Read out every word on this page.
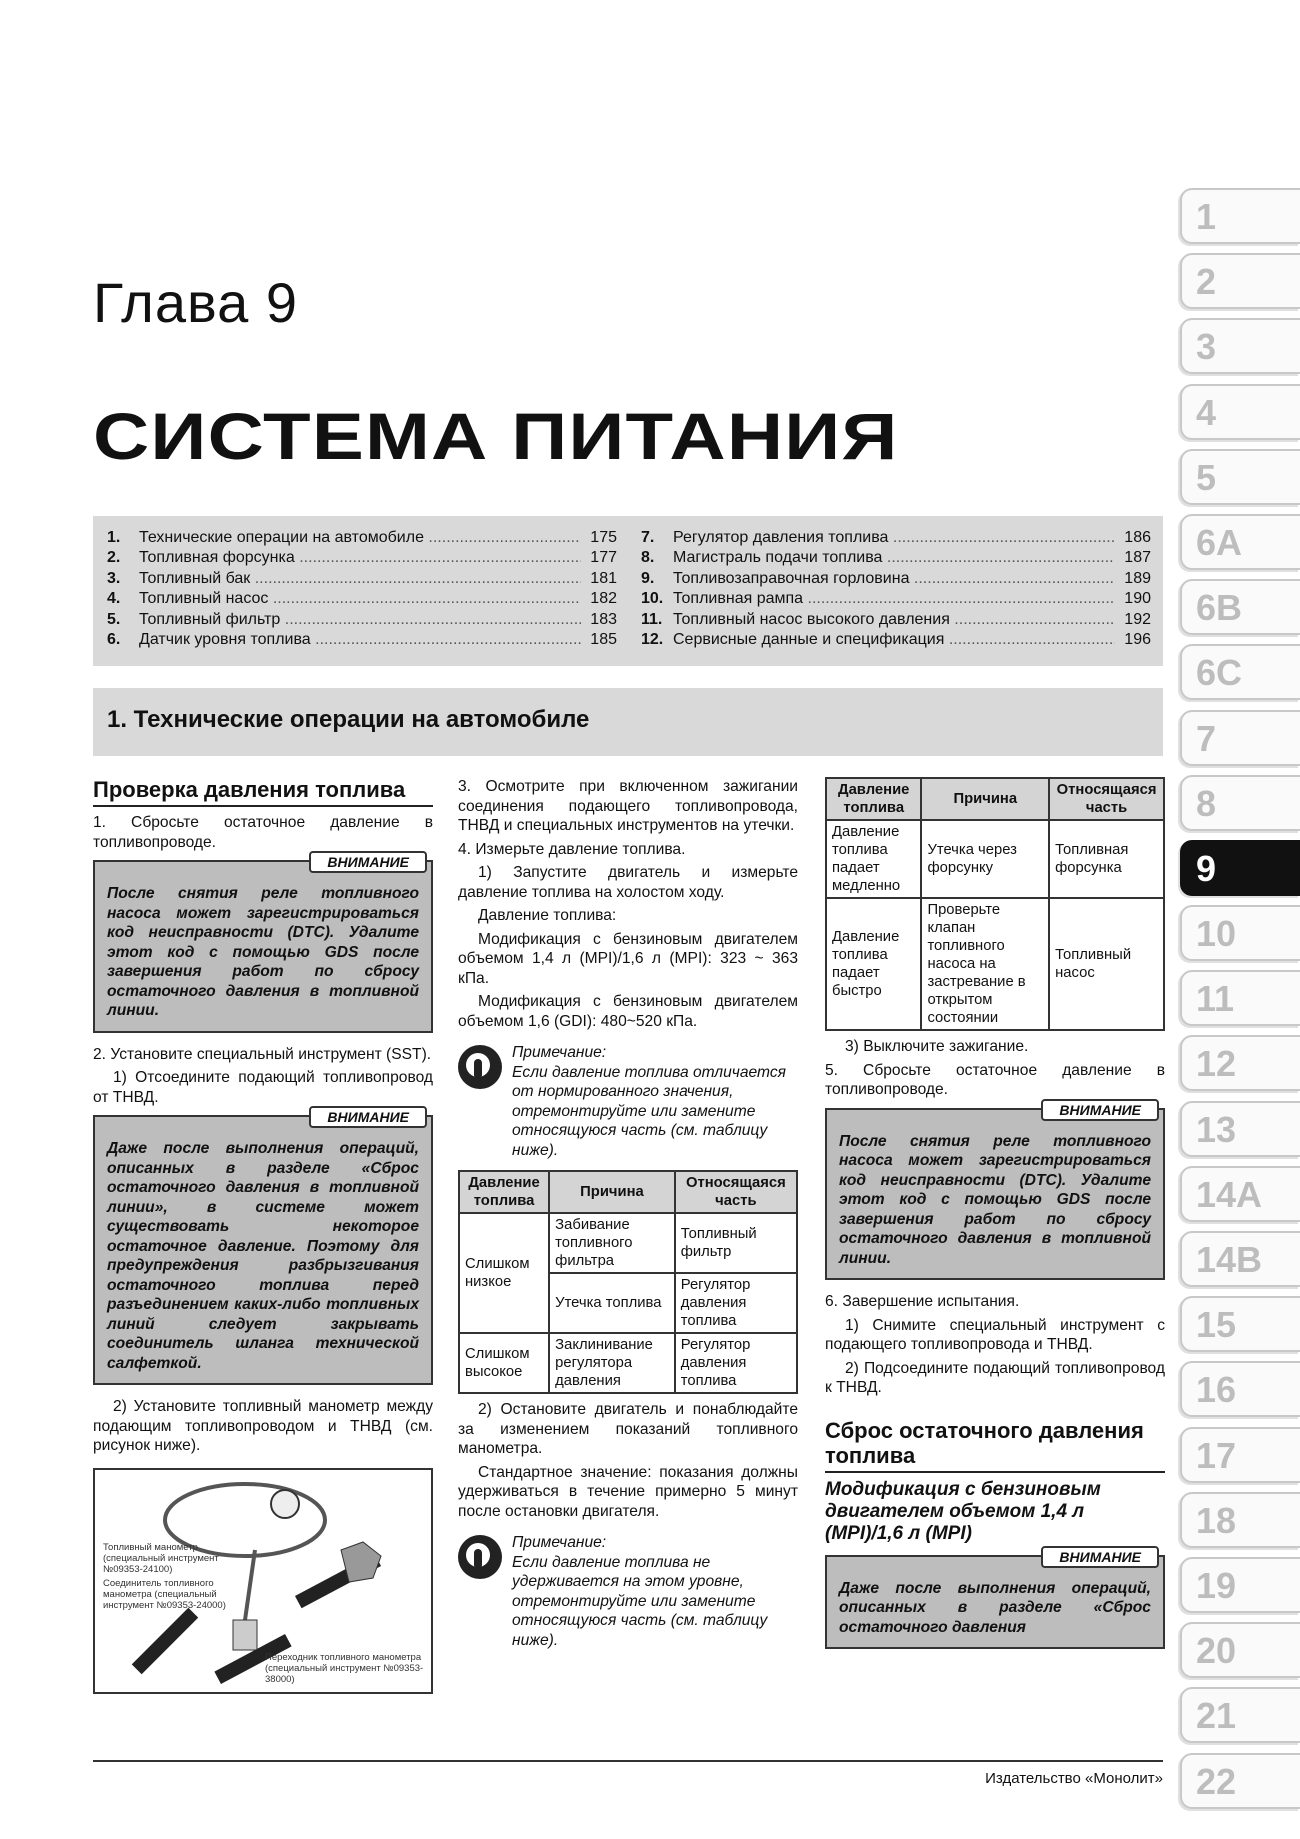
Глава 9
СИСТЕМА ПИТАНИЯ
1.	Технические операции на автомобиле .....	175
2.	Топливная форсунка .....	177
3.	Топливный бак .....	181
4.	Топливный насос .....	182
5.	Топливный фильтр .....	183
6.	Датчик уровня топлива .....	185
7.	Регулятор давления топлива .....	186
8.	Магистраль подачи топлива .....	187
9.	Топливозаправочная горловина .....	189
10. Топливная рампа .....	190
11. Топливный насос высокого давления .....	192
12. Сервисные данные и спецификация .....	196
1. Технические операции на автомобиле
Проверка давления топлива

1. Сбросьте остаточное давление в топливопроводе.

ВНИМАНИЕ
После снятия реле топливного насоса может зарегистрироваться код неисправности (DTC). Удалите этот код с помощью GDS после завершения работ по сбросу остаточного давления в топливной линии.

2. Установите специальный инструмент (SST).

1) Отсоедините подающий топливопровод от ТНВД.

ВНИМАНИЕ
Даже после выполнения операций, описанных в разделе «Сброс остаточного давления в топливной линии», в системе может существовать некоторое остаточное давление. Поэтому для предупреждения разбрызгивания остаточного топлива перед разъединением каких-либо топливных линий следует закрывать соединитель шланга технической салфеткой.

2) Установите топливный манометр между подающим топливопроводом и ТНВД (см. рисунок ниже).

Топливный манометр (специальный инструмент №09353-24100)
Соединитель топливного манометра (специальный инструмент №09353-24000)
Переходник топливного манометра (специальный инструмент №09353-38000)

3. Осмотрите при включенном зажигании соединения подающего топливопровода, ТНВД и специальных инструментов на утечки.

4. Измерьте давление топлива.

1) Запустите двигатель и измерьте давление топлива на холостом ходу.

Давление топлива:

Модификация с бензиновым двигателем объемом 1,4 л (MPI)/1,6 л (MPI): 323 ~ 363 кПа.

Модификация с бензиновым двигателем объемом 1,6 (GDI): 480~520 кПа.

Примечание:
Если давление топлива отличается от нормированного значения, отремонтируйте или замените относящуюся часть (см. таблицу ниже).
Давление топлива	Причина	Относящаяся часть
Слишком низкое	Забивание топливного фильтра	Топливный фильтр
	Утечка топлива	Регулятор давления топлива
Слишком высокое	Заклинивание регулятора давления	Регулятор давления топлива

2) Остановите двигатель и понаблюдайте за изменением показаний топливного манометра.

Стандартное значение: показания должны удерживаться в течение примерно 5 минут после остановки двигателя.

Примечание:
Если давление топлива не удерживается на этом уровне, отремонтируйте или замените относящуюся часть (см. таблицу ниже).
Давление топлива	Причина	Относящаяся часть
Давление топлива падает медленно	Утечка через форсунку	Топливная форсунка
Давление топлива падает быстро	Проверьте клапан топливного насоса на застревание в открытом состоянии	Топливный насос

3) Выключите зажигание.

5. Сбросьте остаточное давление в топливопроводе.

ВНИМАНИЕ
После снятия реле топливного насоса может зарегистрироваться код неисправности (DTC). Удалите этот код с помощью GDS после завершения работ по сбросу остаточного давления в топливной линии.

6. Завершение испытания.

1) Снимите специальный инструмент с подающего топливопровода и ТНВД.

2) Подсоедините подающий топливопровод к ТНВД.

Сброс остаточного давления топлива
Модификация с бензиновым двигателем объемом 1,4 л (MPI)/1,6 л (MPI)
ВНИМАНИЕ
Даже после выполнения операций, описанных в разделе «Сброс остаточного давления
Издательство «Монолит»
1
2
3
4
5
6A
6B
6C
7
8
9
10
11
12
13
14A
14B
15
16
17
18
19
20
21
22
